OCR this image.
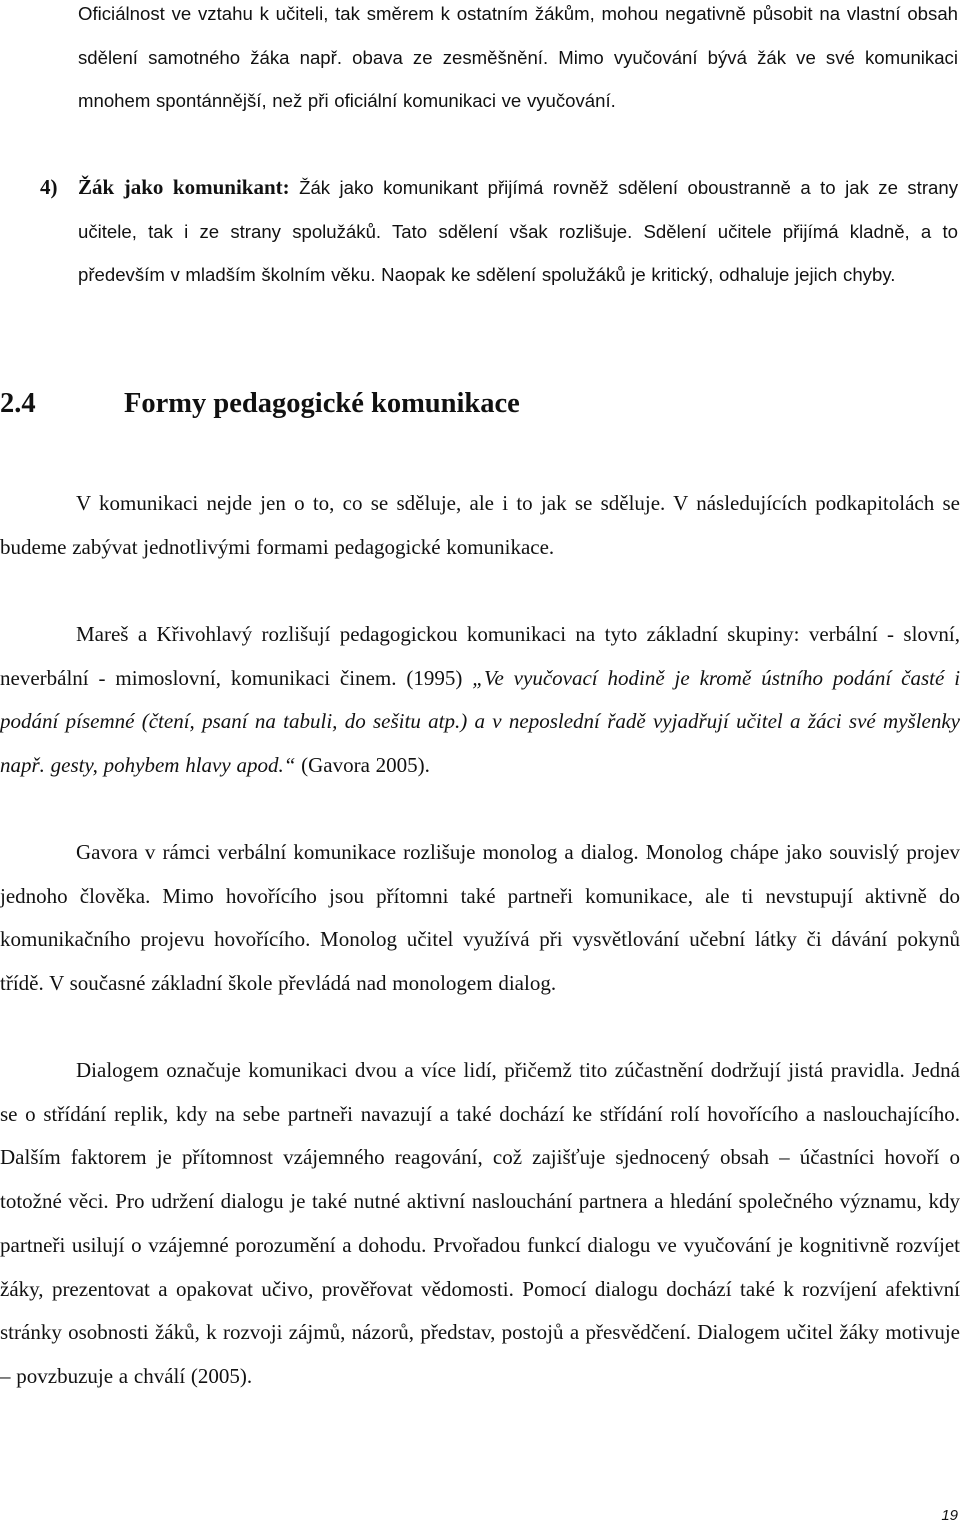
Oficiálnost ve vztahu k učiteli, tak směrem k ostatním žákům, mohou negativně působit na vlastní obsah sdělení samotného žáka např. obava ze zesměšnění. Mimo vyučování bývá žák ve své komunikaci mnohem spontánnější, než při oficiální komunikaci ve vyučování.

4) Žák jako komunikant: Žák jako komunikant přijímá rovněž sdělení oboustranně a to jak ze strany učitele, tak i ze strany spolužáků. Tato sdělení však rozlišuje. Sdělení učitele přijímá kladně, a to především v mladším školním věku. Naopak ke sdělení spolužáků je kritický, odhaluje jejich chyby.

2.4	Formy pedagogické komunikace

V komunikaci nejde jen o to, co se sděluje, ale i to jak se sděluje. V následujících podkapitolách se budeme zabývat jednotlivými formami pedagogické komunikace.

Mareš a Křivohlavý rozlišují pedagogickou komunikaci na tyto základní skupiny: verbální - slovní, neverbální - mimoslovní, komunikaci činem. (1995) „Ve vyučovací hodině je kromě ústního podání časté i podání písemné (čtení, psaní na tabuli, do sešitu atp.) a v neposlední řadě vyjadřují učitel a žáci své myšlenky např. gesty, pohybem hlavy apod.“ (Gavora 2005).

Gavora v rámci verbální komunikace rozlišuje monolog a dialog. Monolog chápe jako souvislý projev jednoho člověka. Mimo hovořícího jsou přítomni také partneři komunikace, ale ti nevstupují aktivně do komunikačního projevu hovořícího. Monolog učitel využívá při vysvětlování učební látky či dávání pokynů třídě. V současné základní škole převládá nad monologem dialog.

Dialogem označuje komunikaci dvou a více lidí, přičemž tito zúčastnění dodržují jistá pravidla. Jedná se o střídání replik, kdy na sebe partneři navazují a také dochází ke střídání rolí hovořícího a naslouchajícího. Dalším faktorem je přítomnost vzájemného reagování, což zajišťuje sjednocený obsah – účastníci hovoří o totožné věci. Pro udržení dialogu je také nutné aktivní naslouchání partnera a hledání společného významu, kdy partneři usilují o vzájemné porozumění a dohodu. Prvořadou funkcí dialogu ve vyučování je kognitivně rozvíjet žáky, prezentovat a opakovat učivo, prověřovat vědomosti. Pomocí dialogu dochází také k rozvíjení afektivní stránky osobnosti žáků, k rozvoji zájmů, názorů, představ, postojů a přesvědčení. Dialogem učitel žáky motivuje – povzbuzuje a chválí (2005).

19
